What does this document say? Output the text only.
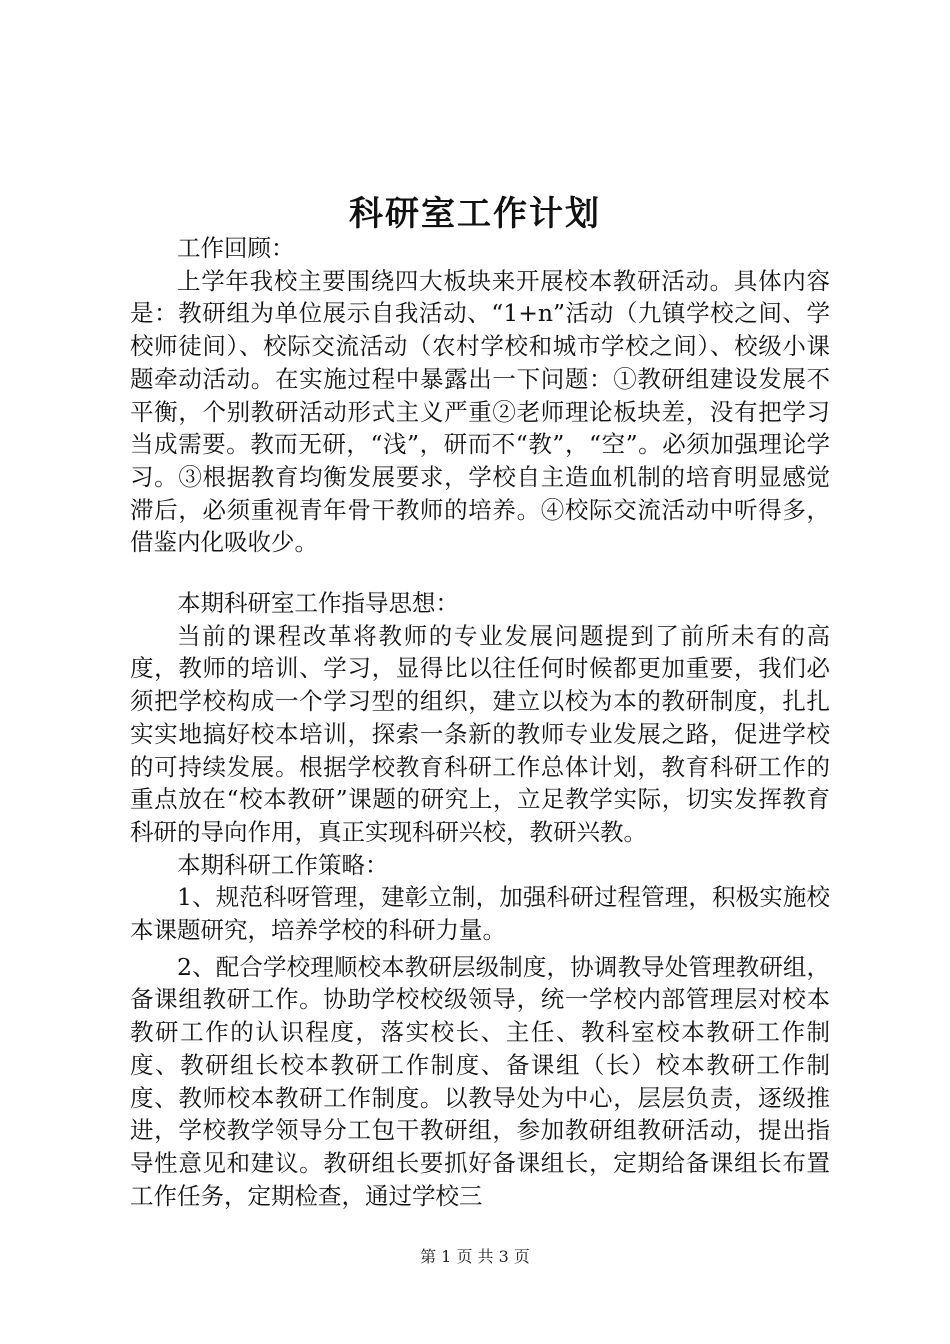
科研室工作计划

工作回顾：

上学年我校主要围绕四大板块来开展校本教研活动。具体内容是：教研组为单位展示自我活动、“1+n”活动（九镇学校之间、学校师徒间）、校际交流活动（农村学校和城市学校之间）、校级小课题牵动活动。在实施过程中暴露出一下问题：①教研组建设发展不平衡，个别教研活动形式主义严重②老师理论板块差，没有把学习当成需要。教而无研，“浅”，研而不“教”，“空”。必须加强理论学习。③根据教育均衡发展要求，学校自主造血机制的培育明显感觉滞后，必须重视青年骨干教师的培养。④校际交流活动中听得多，借鉴内化吸收少。

本期科研室工作指导思想：

当前的课程改革将教师的专业发展问题提到了前所未有的高度，教师的培训、学习，显得比以往任何时候都更加重要，我们必须把学校构成一个学习型的组织，建立以校为本的教研制度，扎扎实实地搞好校本培训，探索一条新的教师专业发展之路，促进学校的可持续发展。根据学校教育科研工作总体计划，教育科研工作的重点放在“校本教研”课题的研究上，立足教学实际，切实发挥教育科研的导向作用，真正实现科研兴校，教研兴教。

本期科研工作策略：

1、规范科呀管理，建彰立制，加强科研过程管理，积极实施校本课题研究，培养学校的科研力量。

2、配合学校理顺校本教研层级制度，协调教导处管理教研组，备课组教研工作。协助学校校级领导，统一学校内部管理层对校本教研工作的认识程度，落实校长、主任、教科室校本教研工作制度、教研组长校本教研工作制度、备课组（长）校本教研工作制度、教师校本教研工作制度。以教导处为中心，层层负责，逐级推进，学校教学领导分工包干教研组，参加教研组教研活动，提出指导性意见和建议。教研组长要抓好备课组长，定期给备课组长布置工作任务，定期检查，通过学校三

第 1 页 共 3 页
